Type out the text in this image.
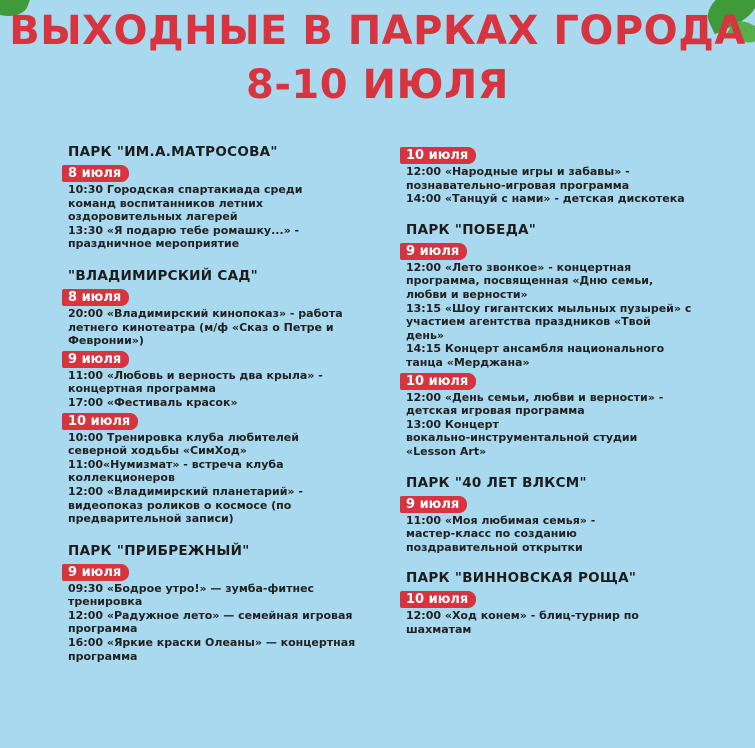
ВЫХОДНЫЕ В ПАРКАХ ГОРОДА
8-10 ИЮЛЯ

ПАРК "ИМ.А.МАТРОСОВА"

8 июля

10:30 Городская спартакиада среди

команд воспитанников летних

оздоровительных лагерей

13:30 «Я подарю тебе ромашку...» -

праздничное мероприятие

"ВЛАДИМИРСКИЙ САД"

8 июля

20:00 «Владимирский кинопоказ» - работа

летнего кинотеатра (м/ф «Сказ о Петре и

Февронии»)

9 июля

11:00 «Любовь и верность два крыла» -

концертная программа

17:00 «Фестиваль красок»

10 июля

10:00 Тренировка клуба любителей

северной ходьбы «СимХод»

11:00«Нумизмат» - встреча клуба

коллекционеров

12:00 «Владимирский планетарий» -

видеопоказ роликов о космосе (по

предварительной записи)

ПАРК "ПРИБРЕЖНЫЙ"

9 июля

09:30 «Бодрое утро!» — зумба-фитнес

тренировка

12:00 «Радужное лето» — семейная игровая

программа

16:00 «Яркие краски Олеаны» — концертная

программа

10 июля

12:00 «Народные игры и забавы» -

познавательно-игровая программа

14:00 «Танцуй с нами» - детская дискотека

ПАРК "ПОБЕДА"

9 июля

12:00 «Лето звонкое» - концертная

программа, посвященная «Дню семьи,

любви и верности»

13:15 «Шоу гигантских мыльных пузырей» с

участием агентства праздников «Твой

день»

14:15 Концерт ансамбля национального

танца «Мерджана»

10 июля

12:00 «День семьи, любви и верности» -

детская игровая программа

13:00 Концерт

вокально-инструментальной студии

«Lesson Art»

ПАРК "40 ЛЕТ ВЛКСМ"

9 июля

11:00 «Моя любимая семья» -

мастер-класс по созданию

поздравительной открытки

ПАРК "ВИННОВСКАЯ РОЩА"

10 июля

12:00 «Ход конем» - блиц-турнир по

шахматам
